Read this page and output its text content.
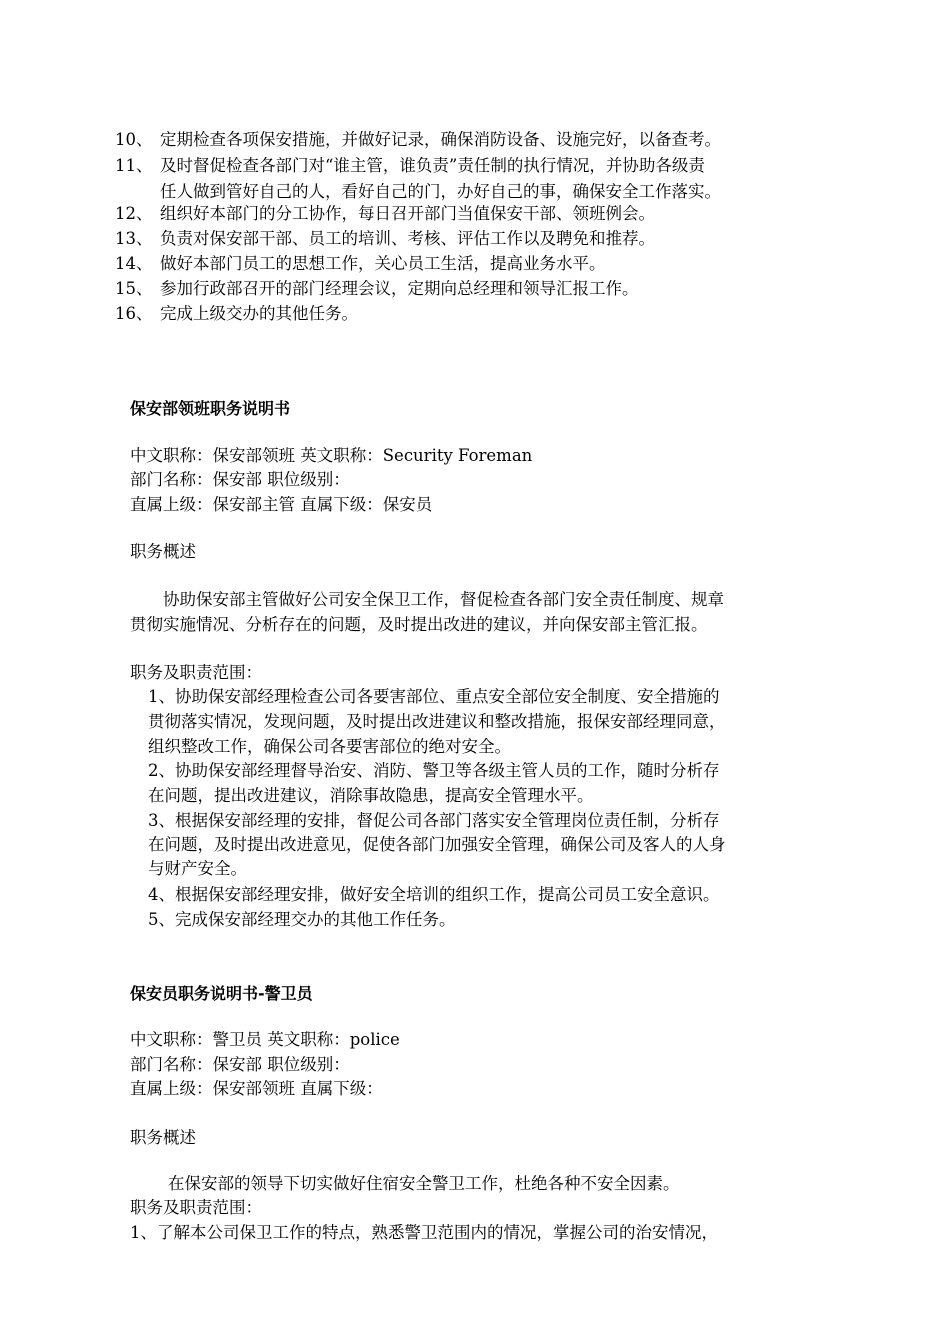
10、 定期检查各项保安措施，并做好记录，确保消防设备、设施完好，以备查考。
11、 及时督促检查各部门对“谁主管，谁负责”责任制的执行情况，并协助各级责
任人做到管好自己的人，看好自己的门，办好自己的事，确保安全工作落实。
12、 组织好本部门的分工协作，每日召开部门当值保安干部、领班例会。
13、 负责对保安部干部、员工的培训、考核、评估工作以及聘免和推荐。
14、 做好本部门员工的思想工作，关心员工生活，提高业务水平。
15、 参加行政部召开的部门经理会议，定期向总经理和领导汇报工作。
16、 完成上级交办的其他任务。
保安部领班职务说明书
中文职称：保安部领班 英文职称：Security Foreman
部门名称：保安部 职位级别：
直属上级：保安部主管 直属下级：保安员
职务概述
协助保安部主管做好公司安全保卫工作，督促检查各部门安全责任制度、规章
贯彻实施情况、分析存在的问题，及时提出改进的建议，并向保安部主管汇报。
职务及职责范围：
1、协助保安部经理检查公司各要害部位、重点安全部位安全制度、安全措施的
贯彻落实情况，发现问题，及时提出改进建议和整改措施，报保安部经理同意，
组织整改工作，确保公司各要害部位的绝对安全。
2、协助保安部经理督导治安、消防、警卫等各级主管人员的工作，随时分析存
在问题，提出改进建议，消除事故隐患，提高安全管理水平。
3、根据保安部经理的安排，督促公司各部门落实安全管理岗位责任制，分析存
在问题，及时提出改进意见，促使各部门加强安全管理，确保公司及客人的人身
与财产安全。
4、根据保安部经理安排，做好安全培训的组织工作，提高公司员工安全意识。
5、完成保安部经理交办的其他工作任务。
保安员职务说明书-警卫员
中文职称：警卫员 英文职称：police
部门名称：保安部 职位级别：
直属上级：保安部领班 直属下级：
职务概述
在保安部的领导下切实做好住宿安全警卫工作，杜绝各种不安全因素。
职务及职责范围：
1、了解本公司保卫工作的特点，熟悉警卫范围内的情况，掌握公司的治安情况，
